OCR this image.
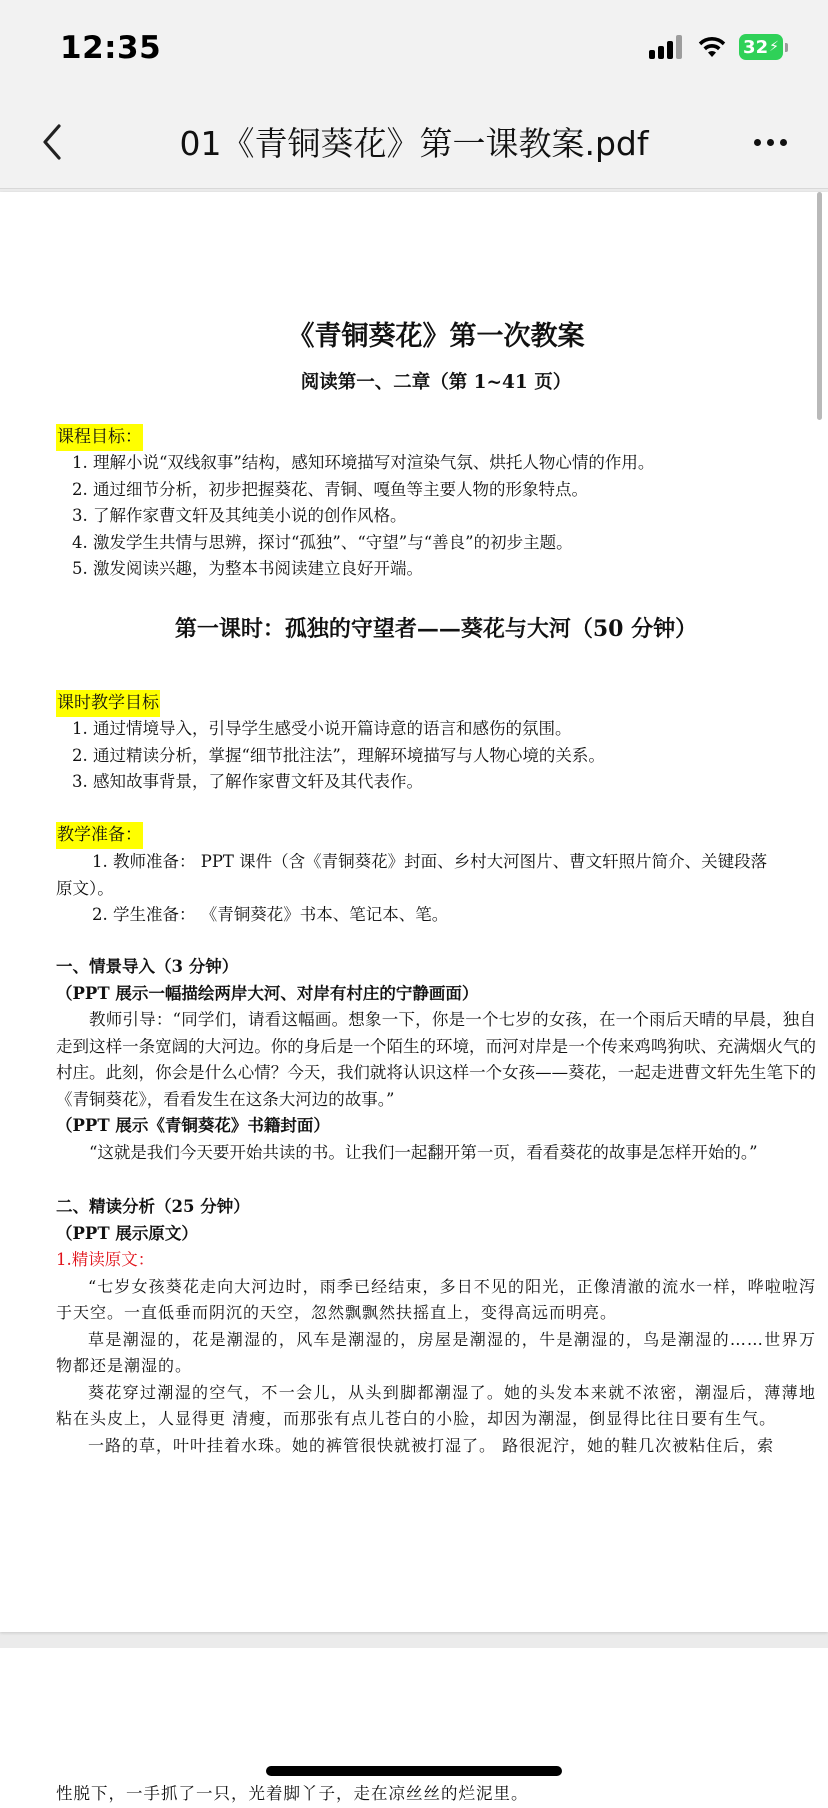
12:35	32 ⚡
01《青铜葵花》第一课教案.pdf
《青铜葵花》第一次教案
阅读第一、二章（第 1~41 页）
课程目标：
1. 理解小说“双线叙事”结构，感知环境描写对渲染气氛、烘托人物心情的作用。
2. 通过细节分析，初步把握葵花、青铜、嘎鱼等主要人物的形象特点。
3. 了解作家曹文轩及其纯美小说的创作风格。
4. 激发学生共情与思辨，探讨“孤独”、“守望”与“善良”的初步主题。
5. 激发阅读兴趣，为整本书阅读建立良好开端。
第一课时：孤独的守望者——葵花与大河（50 分钟）
课时教学目标
1. 通过情境导入，引导学生感受小说开篇诗意的语言和感伤的氛围。
2. 通过精读分析，掌握“细节批注法”，理解环境描写与人物心境的关系。
3. 感知故事背景，了解作家曹文轩及其代表作。
教学准备：
1. 教师准备： PPT 课件（含《青铜葵花》封面、乡村大河图片、曹文轩照片简介、关键段落
原文）。
2. 学生准备： 《青铜葵花》书本、笔记本、笔。
一、情景导入（3 分钟）
（PPT 展示一幅描绘两岸大河、对岸有村庄的宁静画面）
教师引导：“同学们，请看这幅画。想象一下，你是一个七岁的女孩，在一个雨后天晴的早晨，独自走到这样一条宽阔的大河边。你的身后是一个陌生的环境，而河对岸是一个传来鸡鸣狗吠、充满烟火气的村庄。此刻，你会是什么心情？今天，我们就将认识这样一个女孩——葵花，一起走进曹文轩先生笔下的《青铜葵花》，看看发生在这条大河边的故事。”
（PPT 展示《青铜葵花》书籍封面）
“这就是我们今天要开始共读的书。让我们一起翻开第一页，看看葵花的故事是怎样开始的。”
二、精读分析（25 分钟）
（PPT 展示原文）
1.精读原文：
“七岁女孩葵花走向大河边时，雨季已经结束，多日不见的阳光，正像清澈的流水一样，哗啦啦泻于天空。一直低垂而阴沉的天空，忽然飘飘然扶摇直上，变得高远而明亮。
草是潮湿的，花是潮湿的，风车是潮湿的，房屋是潮湿的，牛是潮湿的，鸟是潮湿的……世界万物都还是潮湿的。
葵花穿过潮湿的空气，不一会儿，从头到脚都潮湿了。她的头发本来就不浓密，潮湿后，薄薄地粘在头皮上，人显得更 清瘦，而那张有点儿苍白的小脸，却因为潮湿，倒显得比往日要有生气。
一路的草，叶叶挂着水珠。她的裤管很快就被打湿了。 路很泥泞，她的鞋几次被粘住后，索
性脱下，一手抓了一只，光着脚丫子，走在凉丝丝的烂泥里。
